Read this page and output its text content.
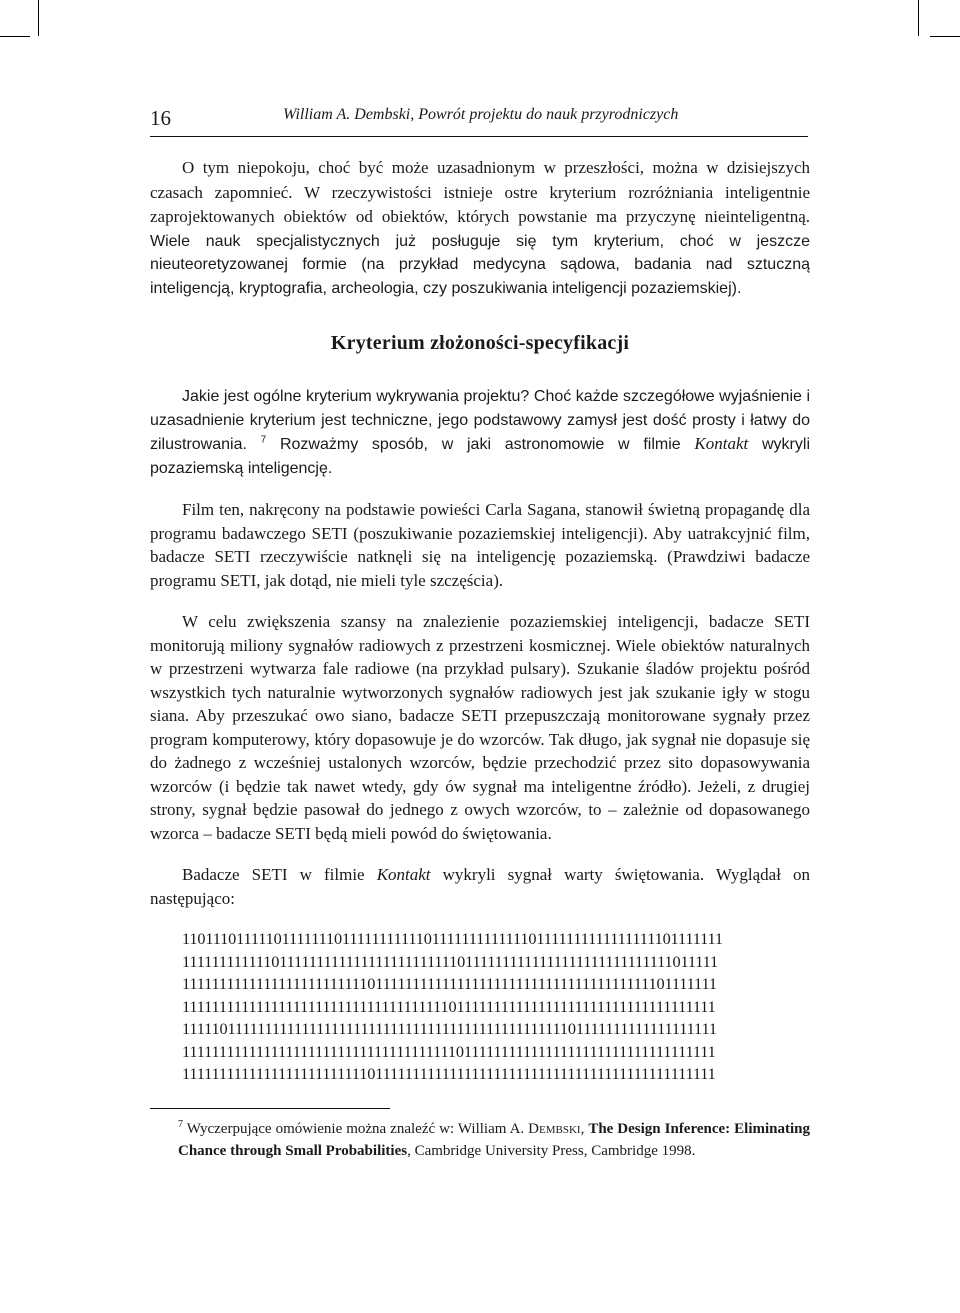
16	William A. Dembski, Powrót projektu do nauk przyrodniczych

O tym niepokoju, choć być może uzasadnionym w przeszłości, można w dzisiejszych czasach zapomnieć. W rzeczywistości istnieje ostre kryterium rozróżniania inteligentnie zaprojektowanych obiektów od obiektów, których powstanie ma przyczynę nieinteligentną. Wiele nauk specjalistycznych już posługuje się tym kryterium, choć w jeszcze nieuteoretyzowanej formie (na przykład medycyna sądowa, badania nad sztuczną inteligencją, kryptografia, archeologia, czy poszukiwania inteligencji pozaziemskiej).

Kryterium złożoności-specyfikacji

Jakie jest ogólne kryterium wykrywania projektu? Choć każde szczegółowe wyjaśnienie i uzasadnienie kryterium jest techniczne, jego podstawowy zamysł jest dość prosty i łatwy do zilustrowania. $^7$ Rozważmy sposób, w jaki astronomowie w filmie Kontakt wykryli pozaziemską inteligencję.

Film ten, nakręcony na podstawie powieści Carla Sagana, stanowił świetną propagandę dla programu badawczego SETI (poszukiwanie pozaziemskiej inteligencji). Aby uatrakcyjnić film, badacze SETI rzeczywiście natknęli się na inteligencję pozaziemską. (Prawdziwi badacze programu SETI, jak dotąd, nie mieli tyle szczęścia).

W celu zwiększenia szansy na znalezienie pozaziemskiej inteligencji, badacze SETI monitorują miliony sygnałów radiowych z przestrzeni kosmicznej. Wiele obiektów naturalnych w przestrzeni wytwarza fale radiowe (na przykład pulsary). Szukanie śladów projektu pośród wszystkich tych naturalnie wytworzonych sygnałów radiowych jest jak szukanie igły w stogu siana. Aby przeszukać owo siano, badacze SETI przepuszczają monitorowane sygnały przez program komputerowy, który dopasowuje je do wzorców. Tak długo, jak sygnał nie dopasuje się do żadnego z wcześniej ustalonych wzorców, będzie przechodzić przez sito dopasowywania wzorców (i będzie tak nawet wtedy, gdy ów sygnał ma inteligentne źródło). Jeżeli, z drugiej strony, sygnał będzie pasował do jednego z owych wzorców, to – zależnie od dopasowanego wzorca – badacze SETI będą mieli powód do świętowania.

Badacze SETI w filmie Kontakt wykryli sygnał warty świętowania. Wyglądał on następująco:

110111011111011111110111111111110111111111111101111111111111111101111111
111111111111011111111111111111111111101111111111111111111111111111011111
111111111111111111111111101111111111111111111111111111111111111101111111
111111111111111111111111111111111111011111111111111111111111111111111111
111110111111111111111111111111111111111111111111111101111111111111111111
111111111111111111111111111111111111101111111111111111111111111111111111
111111111111111111111111101111111111111111111111111111111111111111111111
$^7$ Wyczerpujące omówienie można znaleźć w: William A. Dembski, The Design Inference: Eliminating Chance through Small Probabilities, Cambridge University Press, Cambridge 1998.
